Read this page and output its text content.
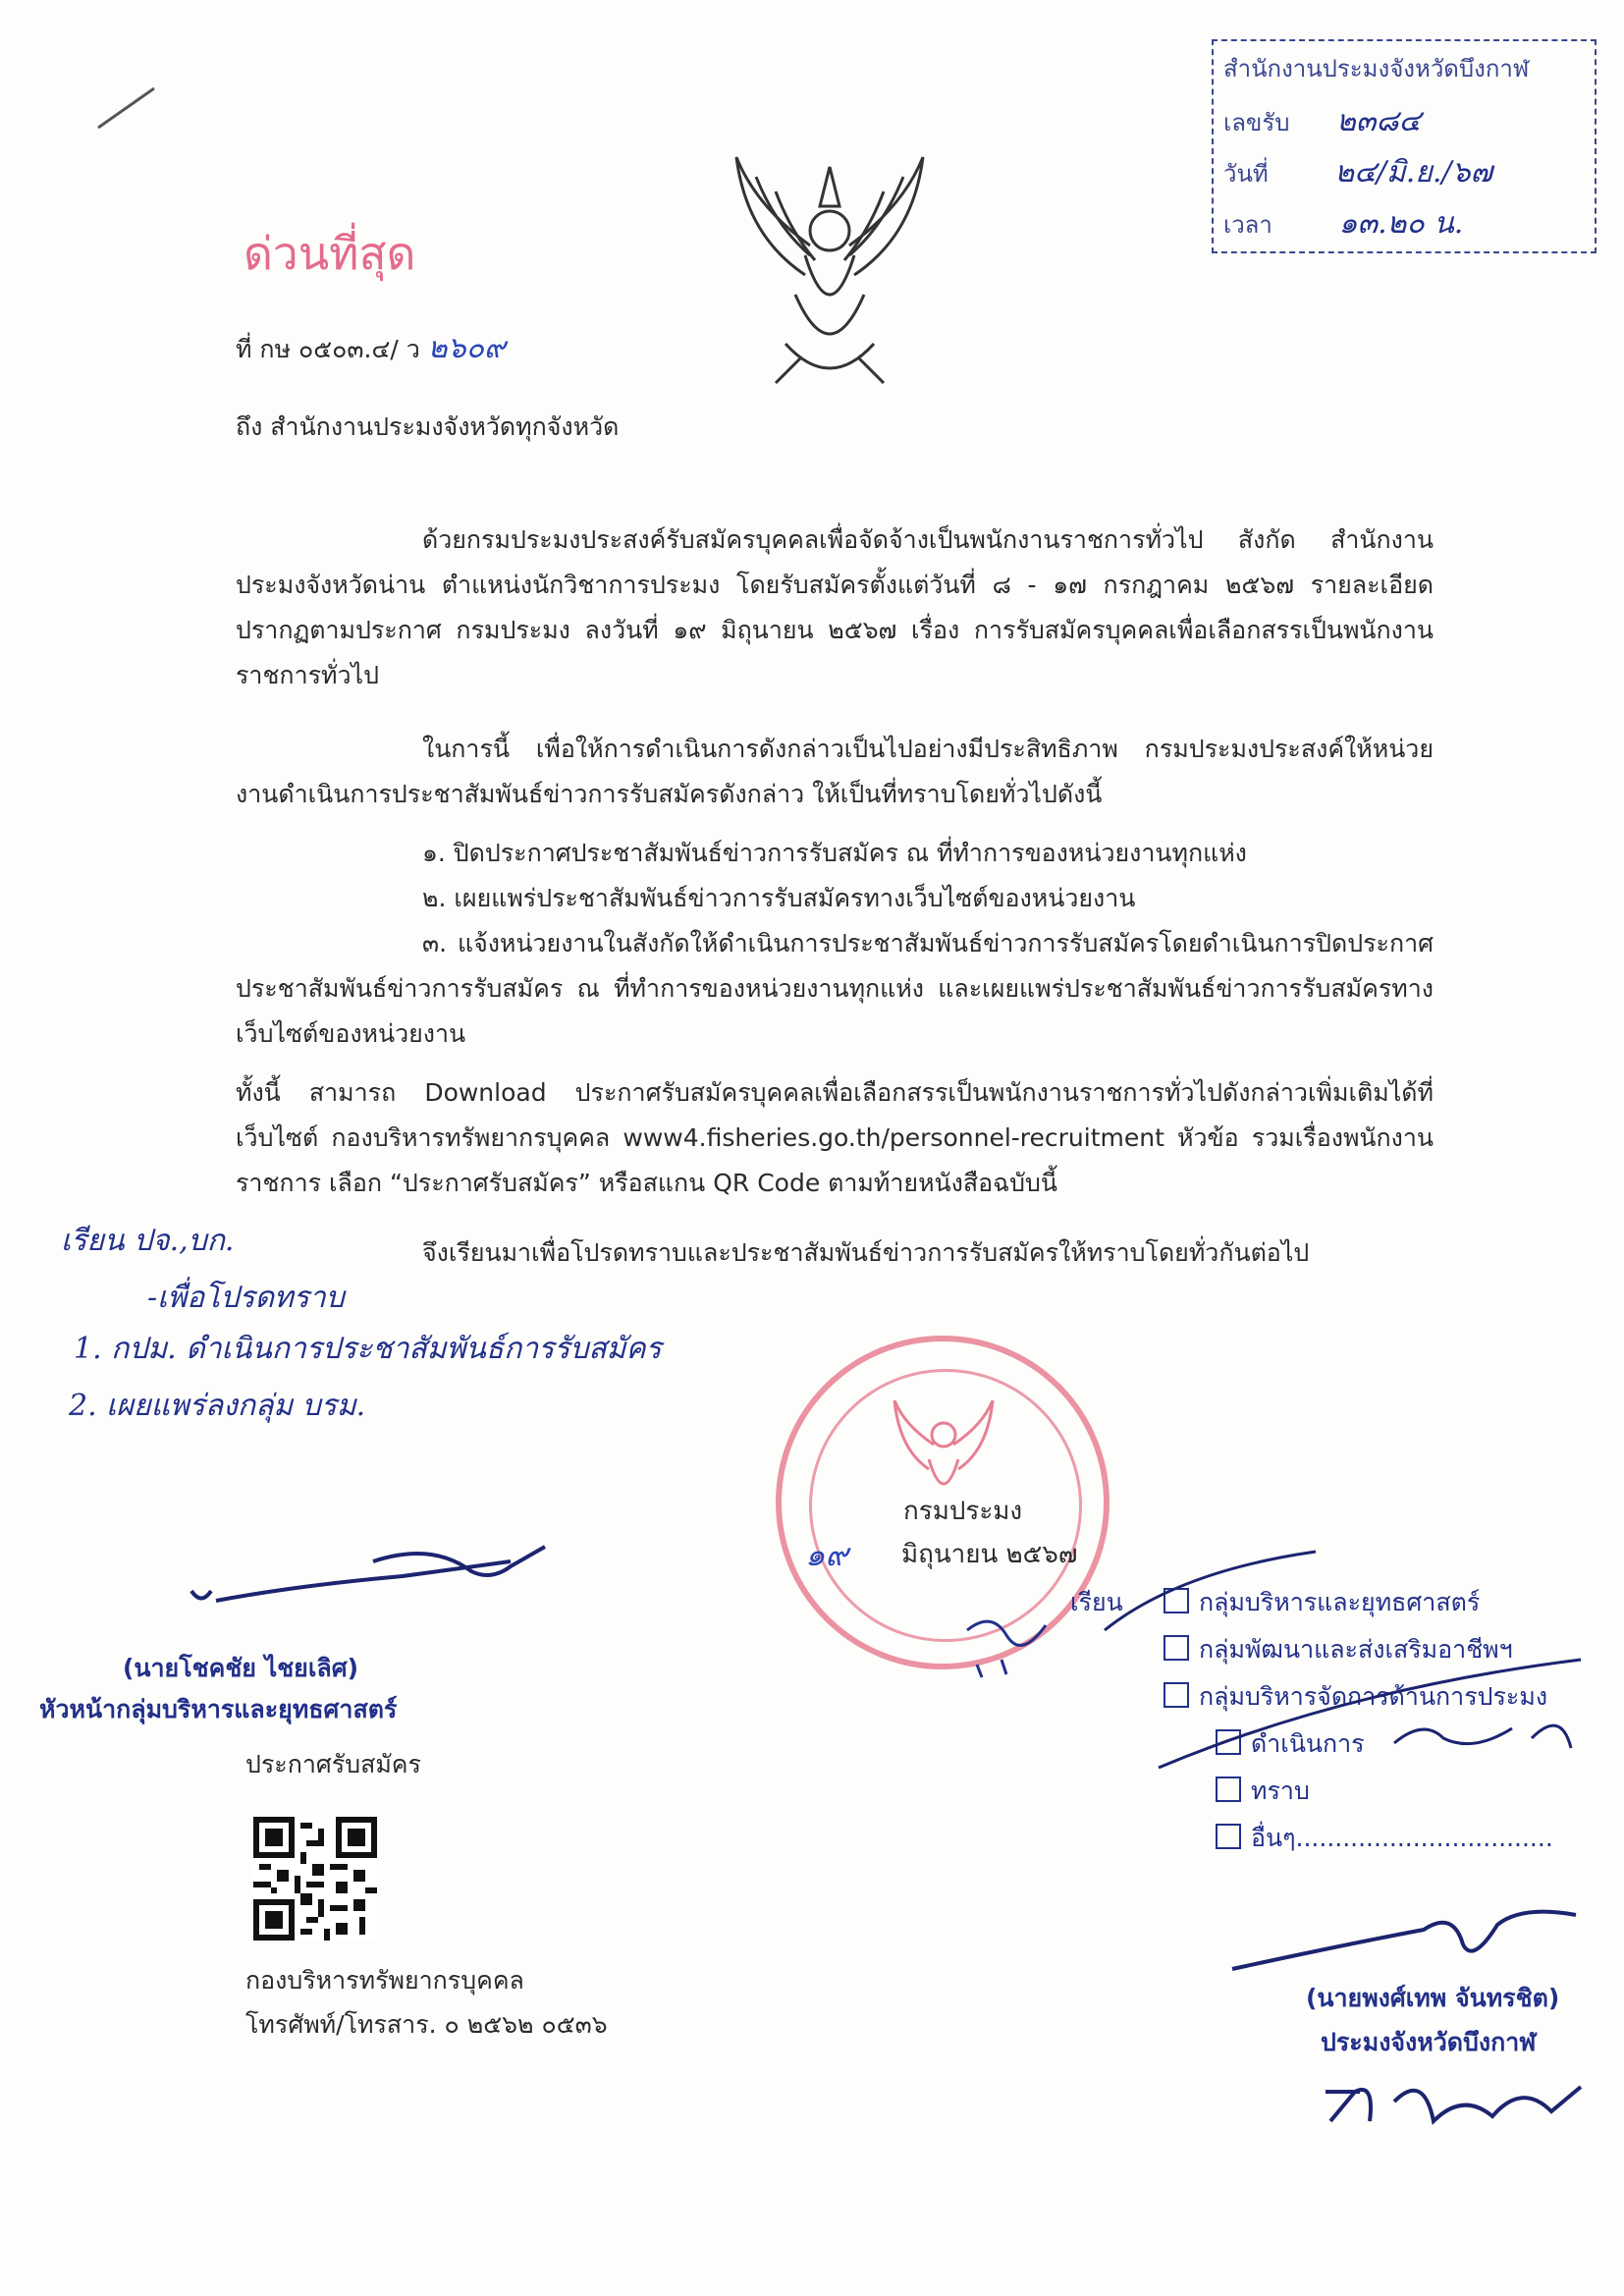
ด่วนที่สุด
สำนักงานประมงจังหวัดบึงกาฬ
เลขรับ ๒๓๘๔
วันที่ ๒๔/มิ.ย./๖๗
เวลา ๑๓.๒๐ น.
ที่ กษ ๐๕๐๓.๔/ ว ๒๖๐๙
ถึง สำนักงานประมงจังหวัดทุกจังหวัด
ด้วยกรมประมงประสงค์รับสมัครบุคคลเพื่อจัดจ้างเป็นพนักงานราชการทั่วไป สังกัด สำนักงานประมงจังหวัดน่าน ตำแหน่งนักวิชาการประมง โดยรับสมัครตั้งแต่วันที่ ๘ - ๑๗ กรกฎาคม ๒๕๖๗ รายละเอียดปรากฏตามประกาศ กรมประมง ลงวันที่ ๑๙ มิถุนายน ๒๕๖๗ เรื่อง การรับสมัครบุคคลเพื่อเลือกสรรเป็นพนักงานราชการทั่วไป
ในการนี้ เพื่อให้การดำเนินการดังกล่าวเป็นไปอย่างมีประสิทธิภาพ กรมประมงประสงค์ให้หน่วยงานดำเนินการประชาสัมพันธ์ข่าวการรับสมัครดังกล่าว ให้เป็นที่ทราบโดยทั่วไปดังนี้
๑. ปิดประกาศประชาสัมพันธ์ข่าวการรับสมัคร ณ ที่ทำการของหน่วยงานทุกแห่ง
๒. เผยแพร่ประชาสัมพันธ์ข่าวการรับสมัครทางเว็บไซต์ของหน่วยงาน
๓. แจ้งหน่วยงานในสังกัดให้ดำเนินการประชาสัมพันธ์ข่าวการรับสมัครโดยดำเนินการปิดประกาศประชาสัมพันธ์ข่าวการรับสมัคร ณ ที่ทำการของหน่วยงานทุกแห่ง และเผยแพร่ประชาสัมพันธ์ข่าวการรับสมัครทางเว็บไซต์ของหน่วยงาน
ทั้งนี้ สามารถ Download ประกาศรับสมัครบุคคลเพื่อเลือกสรรเป็นพนักงานราชการทั่วไปดังกล่าวเพิ่มเติมได้ที่เว็บไซต์ กองบริหารทรัพยากรบุคคล www4.fisheries.go.th/personnel-recruitment หัวข้อ รวมเรื่องพนักงานราชการ เลือก “ประกาศรับสมัคร” หรือสแกน QR Code ตามท้ายหนังสือฉบับนี้
จึงเรียนมาเพื่อโปรดทราบและประชาสัมพันธ์ข่าวการรับสมัครให้ทราบโดยทั่วกันต่อไป
เรียน ปจ.,บก.
-เพื่อโปรดทราบ
1. กปม. ดำเนินการประชาสัมพันธ์การรับสมัคร
2. เผยแพร่ลงกลุ่ม บรม.
กรมประมง
๑๙ มิถุนายน ๒๕๖๗
(นายโชคชัย ไชยเลิศ)
หัวหน้ากลุ่มบริหารและยุทธศาสตร์
ประกาศรับสมัคร
กองบริหารทรัพยากรบุคคล
โทรศัพท์/โทรสาร. ๐ ๒๕๖๒ ๐๕๓๖
เรียน	กลุ่มบริหารและยุทธศาสตร์
กลุ่มพัฒนาและส่งเสริมอาชีพฯ
กลุ่มบริหารจัดการด้านการประมง
ดำเนินการ
ทราบ
อื่นๆ.................................
(นายพงศ์เทพ จันทรชิต)
ประมงจังหวัดบึงกาฬ
